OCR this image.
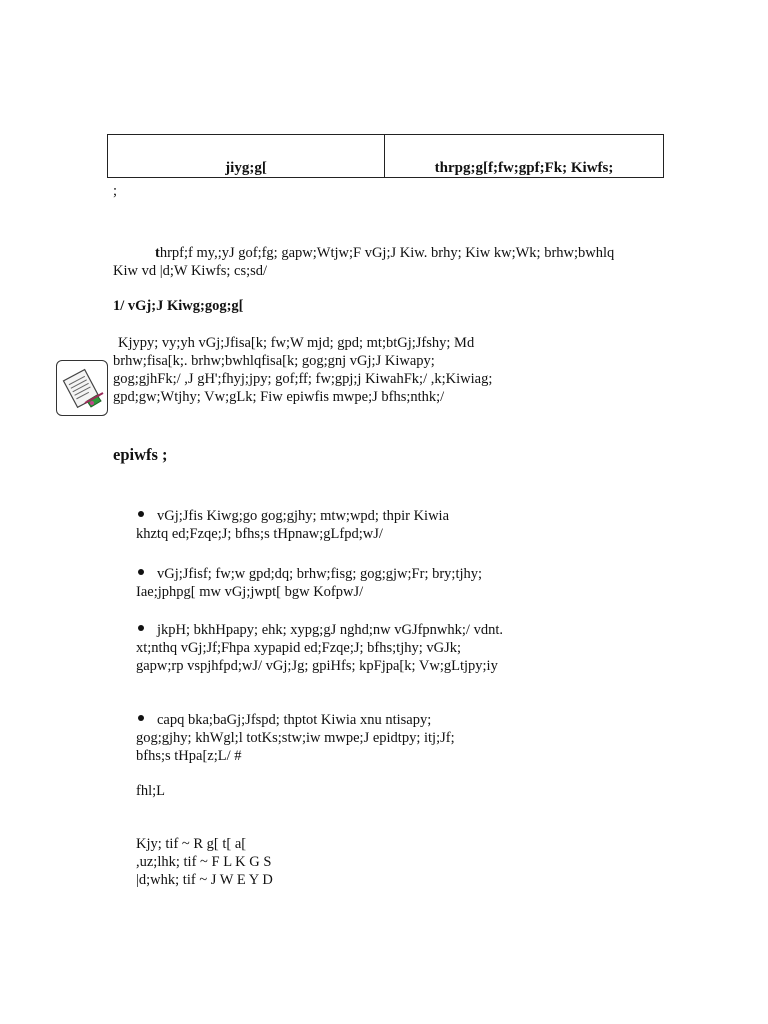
jiyg;g[	thrpg;g[f;fw;gpf;Fk; Kiwfs;
;
thrpf;f my,;yJ gof;fg; gapw;Wtjw;F vGj;J Kiw. brhy; Kiw kw;Wk; brhw;bwhlq
Kiw vd |d;W Kiwfs; cs;sd/
1/ vGj;J Kiwg;gog;g[
Kjypy; vy;yh vGj;Jfisa[k; fw;W mjd; gpd; mt;btGj;Jfshy; Md
brhw;fisa[k;. brhw;bwhlqfisa[k; gog;gnj vGj;J Kiwapy;
gog;gjhFk;/ ,J gH';fhyj;jpy; gof;ff; fw;gpj;j KiwahFk;/ ,k;Kiwiag;
gpd;gw;Wtjhy; Vw;gLk; Fiw epiwfis mwpe;J bfhs;nthk;/
epiwfs ;
vGj;Jfis Kiwg;go gog;gjhy; mtw;wpd; thpir Kiwia
khztq ed;Fzqe;J; bfhs;s tHpnaw;gLfpd;wJ/
vGj;Jfisf; fw;w gpd;dq; brhw;fisg; gog;gjw;Fr; bry;tjhy;
Iae;jphpg[ mw vGj;jwpt[ bgw KofpwJ/
jkpH; bkhHpapy; ehk; xypg;gJ nghd;nw vGJfpnwhk;/ vdnt.
xt;nthq vGj;Jf;Fhpa xypapid ed;Fzqe;J; bfhs;tjhy; vGJk;
gapw;rp vspjhfpd;wJ/ vGj;Jg; gpiHfs; kpFjpa[k; Vw;gLtjpy;iy
capq bka;baGj;Jfspd; thptot Kiwia xnu ntisapy;
gog;gjhy; khWgl;l totKs;stw;iw mwpe;J epidtpy; itj;Jf;
bfhs;s tHpa[z;L/ #
fhl;L
Kjy; tif ~ R g[ t[ a[
,uz;lhk; tif ~ F L K G S
|d;whk; tif ~ J W E Y D
